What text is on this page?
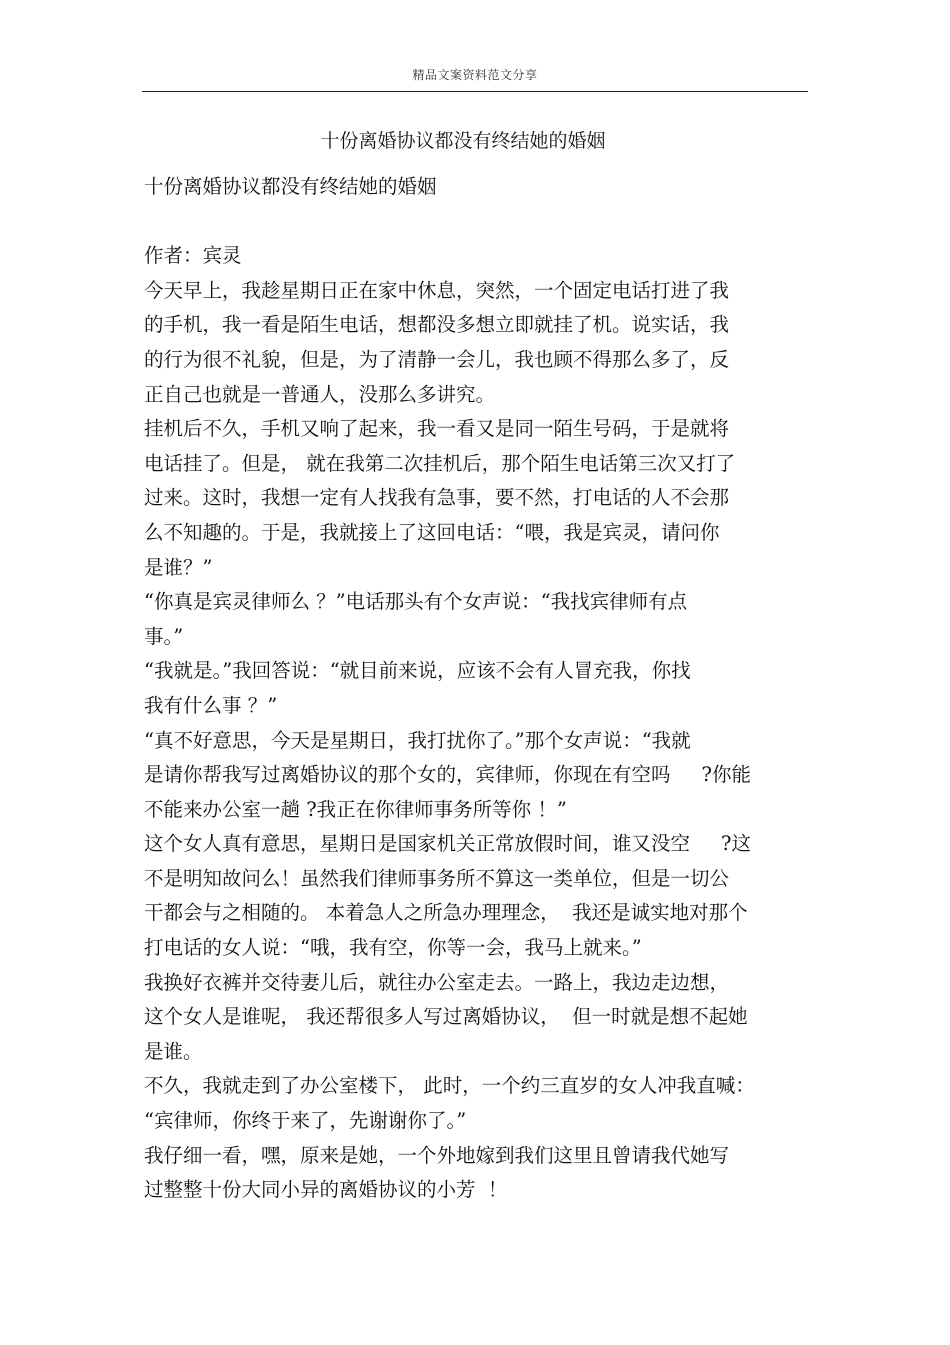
精品文案资料范文分享
十份离婚协议都没有终结她的婚姻
十份离婚协议都没有终结她的婚姻
作者：宾灵
今天早上，我趁星期日正在家中休息，突然，一个固定电话打进了我
的手机，我一看是陌生电话，想都没多想立即就挂了机。说实话，我
的行为很不礼貌，但是，为了清静一会儿，我也顾不得那么多了，反
正自己也就是一普通人，没那么多讲究。
挂机后不久，手机又响了起来，我一看又是同一陌生号码，于是就将
电话挂了。但是， 就在我第二次挂机后，那个陌生电话第三次又打了
过来。这时，我想一定有人找我有急事，要不然，打电话的人不会那
么不知趣的。于是，我就接上了这回电话：“喂，我是宾灵，请问你
是谁？”
“你真是宾灵律师么 ？”电话那头有个女声说：“我找宾律师有点
事。”
“我就是。”我回答说：“就目前来说，应该不会有人冒充我，你找
我有什么事 ？”
“真不好意思，今天是星期日，我打扰你了。”那个女声说：“我就
是请你帮我写过离婚协议的那个女的，宾律师，你现在有空吗     ?你能
不能来办公室一趟 ?我正在你律师事务所等你 ！”
这个女人真有意思，星期日是国家机关正常放假时间，谁又没空     ?这
不是明知故问么！虽然我们律师事务所不算这一类单位，但是一切公
干都会与之相随的。 本着急人之所急办理理念，  我还是诚实地对那个
打电话的女人说：“哦，我有空，你等一会，我马上就来。”
我换好衣裤并交待妻儿后，就往办公室走去。一路上，我边走边想，
这个女人是谁呢， 我还帮很多人写过离婚协议，  但一时就是想不起她
是谁。
不久，我就走到了办公室楼下， 此时，一个约三直岁的女人冲我直喊：
“宾律师，你终于来了，先谢谢你了。”
我仔细一看，嘿，原来是她，一个外地嫁到我们这里且曾请我代她写
过整整十份大同小异的离婚协议的小芳  ！
